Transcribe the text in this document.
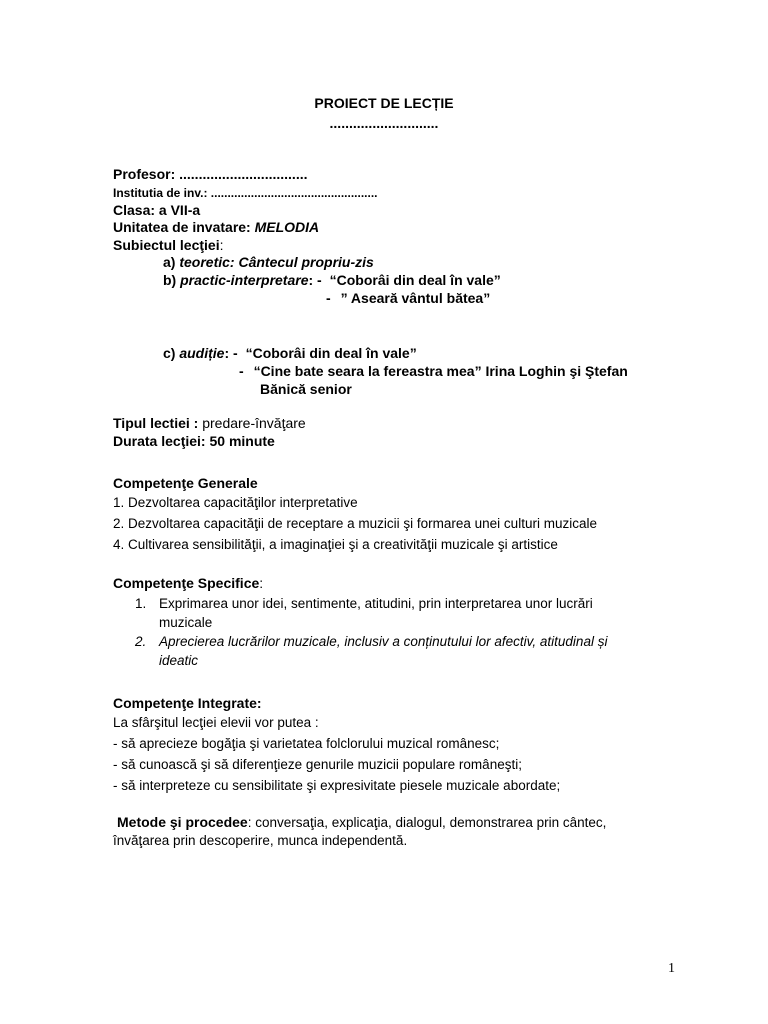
PROIECT DE LECȚIE
............................
Profesor: .................................
Institutia de inv.: ..................................................
Clasa: a VII-a
Unitatea de invatare: MELODIA
Subiectul lecţiei:
a) teoretic: Cântecul propriu-zis
b) practic-interpretare: - “Coborâi din deal în vale”
- ” Aseară vântul bătea”
c) audiție: - “Coborâi din deal în vale”
- “Cine bate seara la fereastra mea” Irina Loghin şi Ştefan
Bănică senior
Tipul lectiei : predare-învăţare
Durata lecţiei: 50 minute
Competenţe Generale
1. Dezvoltarea capacităţilor interpretative
2. Dezvoltarea capacităţii de receptare a muzicii şi formarea unei culturi muzicale
4. Cultivarea sensibilităţii, a imaginaţiei şi a creativităţii muzicale şi artistice
Competenţe Specifice:
1. Exprimarea unor idei, sentimente, atitudini, prin interpretarea unor lucrări
muzicale
2. Aprecierea lucrărilor muzicale, inclusiv a conținutului lor afectiv, atitudinal și
ideatic
Competenţe Integrate:
La sfârşitul lecţiei elevii vor putea :
- să aprecieze bogăţia şi varietatea folclorului muzical românesc;
- să cunoască şi să diferenţieze genurile muzicii populare româneşti;
- să interpreteze cu sensibilitate şi expresivitate piesele muzicale abordate;
Metode şi procedee: conversaţia, explicaţia, dialogul, demonstrarea prin cântec,
învăţarea prin descoperire, munca independentă.
1
